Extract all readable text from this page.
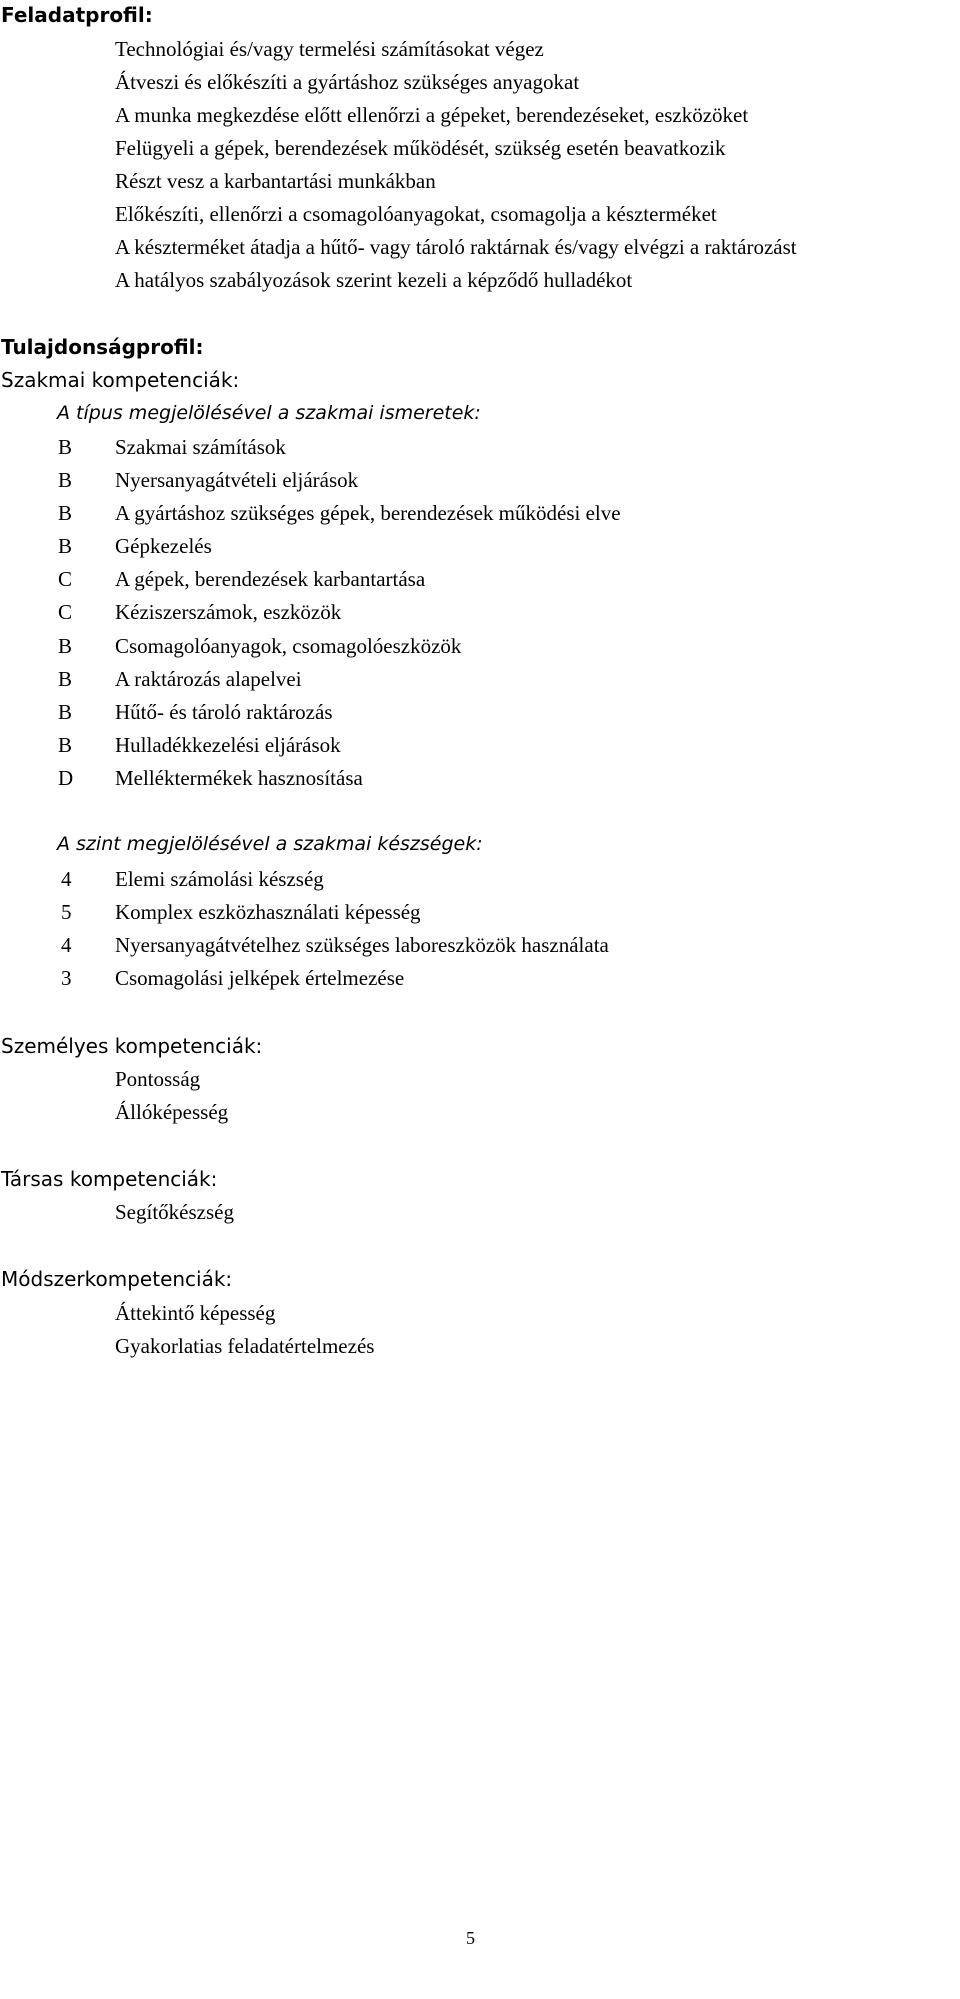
Feladatprofil:
Technológiai és/vagy termelési számításokat végez
Átveszi és előkészíti a gyártáshoz szükséges anyagokat
A munka megkezdése előtt ellenőrzi a gépeket, berendezéseket, eszközöket
Felügyeli a gépek, berendezések működését, szükség esetén beavatkozik
Részt vesz a karbantartási munkákban
Előkészíti, ellenőrzi a csomagolóanyagokat, csomagolja a készterméket
A készterméket átadja a hűtő- vagy tároló raktárnak és/vagy elvégzi a raktározást
A hatályos szabályozások szerint kezeli a képződő hulladékot
Tulajdonságprofil:
Szakmai kompetenciák:
A típus megjelölésével a szakmai ismeretek:
B Szakmai számítások
B Nyersanyagátvételi eljárások
B A gyártáshoz szükséges gépek, berendezések működési elve
B Gépkezelés
C A gépek, berendezések karbantartása
C Kéziszerszámok, eszközök
B Csomagolóanyagok, csomagolóeszközök
B A raktározás alapelvei
B Hűtő- és tároló raktározás
B Hulladékkezelési eljárások
D Melléktermékek hasznosítása
A szint megjelölésével a szakmai készségek:
4 Elemi számolási készség
5 Komplex eszközhasználati képesség
4 Nyersanyagátvételhez szükséges laboreszközök használata
3 Csomagolási jelképek értelmezése
Személyes kompetenciák:
Pontosság
Állóképesség
Társas kompetenciák:
Segítőkészség
Módszerkompetenciák:
Áttekintő képesség
Gyakorlatias feladatértelmezés
5
